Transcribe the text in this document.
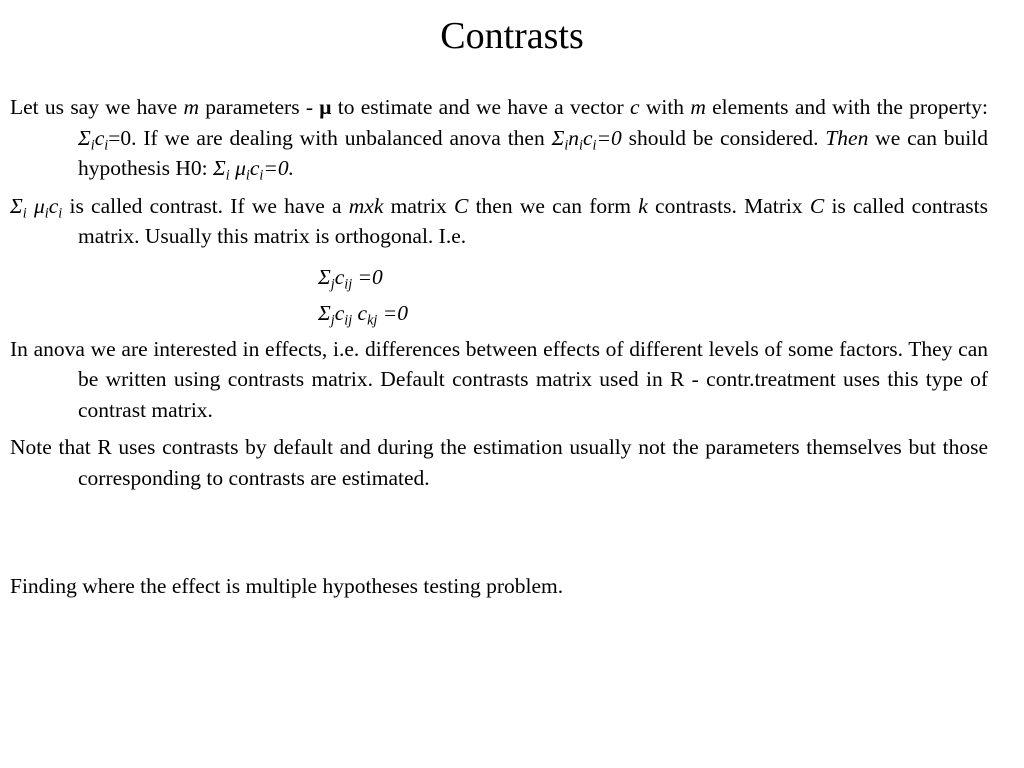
Contrasts

Let us say we have m parameters - μ to estimate and we have a vector c with m elements and with the property: $\Sigma_ic_i=0$. If we are dealing with unbalanced anova then $\Sigma_in_ic_i=0$ should be considered. Then we can build hypothesis H0: $\Sigma_i$ $\mu_ic_i=0$.

$\Sigma_i$ $\mu_ic_i$ is called contrast. If we have a mxk matrix C then we can form k contrasts. Matrix C is called contrasts matrix. Usually this matrix is orthogonal. I.e.

$\Sigma_jc_{ij} =0$

$\Sigma_jc_{ij}$ $c_{kj} =0$

In anova we are interested in effects, i.e. differences between effects of different levels of some factors. They can be written using contrasts matrix. Default contrasts matrix used in R - contr.treatment uses this type of contrast matrix.

Note that R uses contrasts by default and during the estimation usually not the parameters themselves but those corresponding to contrasts are estimated.

Finding where the effect is multiple hypotheses testing problem.
